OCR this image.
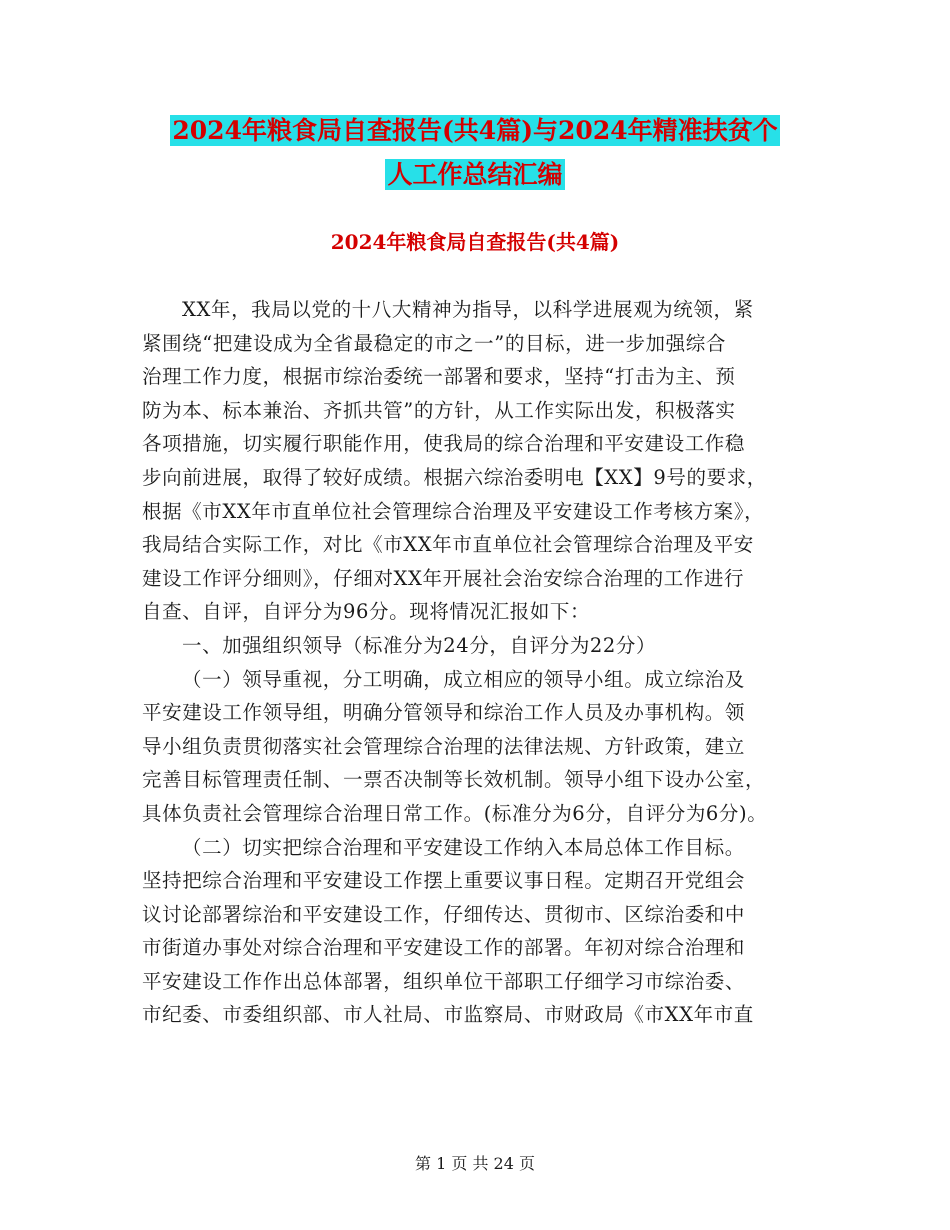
2024年粮食局自查报告(共4篇)与2024年精准扶贫个
人工作总结汇编
2024年粮食局自查报告(共4篇)
XX年，我局以党的十八大精神为指导，以科学进展观为统领，紧
紧围绕“把建设成为全省最稳定的市之一”的目标，进一步加强综合
治理工作力度，根据市综治委统一部署和要求，坚持“打击为主、预
防为本、标本兼治、齐抓共管”的方针，从工作实际出发，积极落实
各项措施，切实履行职能作用，使我局的综合治理和平安建设工作稳
步向前进展，取得了较好成绩。根据六综治委明电【XX】9号的要求，
根据《市XX年市直单位社会管理综合治理及平安建设工作考核方案》，
我局结合实际工作，对比《市XX年市直单位社会管理综合治理及平安
建设工作评分细则》，仔细对XX年开展社会治安综合治理的工作进行
自查、自评，自评分为96分。现将情况汇报如下：
一、加强组织领导（标准分为24分，自评分为22分）
（一）领导重视，分工明确，成立相应的领导小组。成立综治及
平安建设工作领导组，明确分管领导和综治工作人员及办事机构。领
导小组负责贯彻落实社会管理综合治理的法律法规、方针政策，建立
完善目标管理责任制、一票否决制等长效机制。领导小组下设办公室，
具体负责社会管理综合治理日常工作。(标准分为6分，自评分为6分)。
（二）切实把综合治理和平安建设工作纳入本局总体工作目标。
坚持把综合治理和平安建设工作摆上重要议事日程。定期召开党组会
议讨论部署综治和平安建设工作，仔细传达、贯彻市、区综治委和中
市街道办事处对综合治理和平安建设工作的部署。年初对综合治理和
平安建设工作作出总体部署，组织单位干部职工仔细学习市综治委、
市纪委、市委组织部、市人社局、市监察局、市财政局《市XX年市直
第 1 页 共 24 页
